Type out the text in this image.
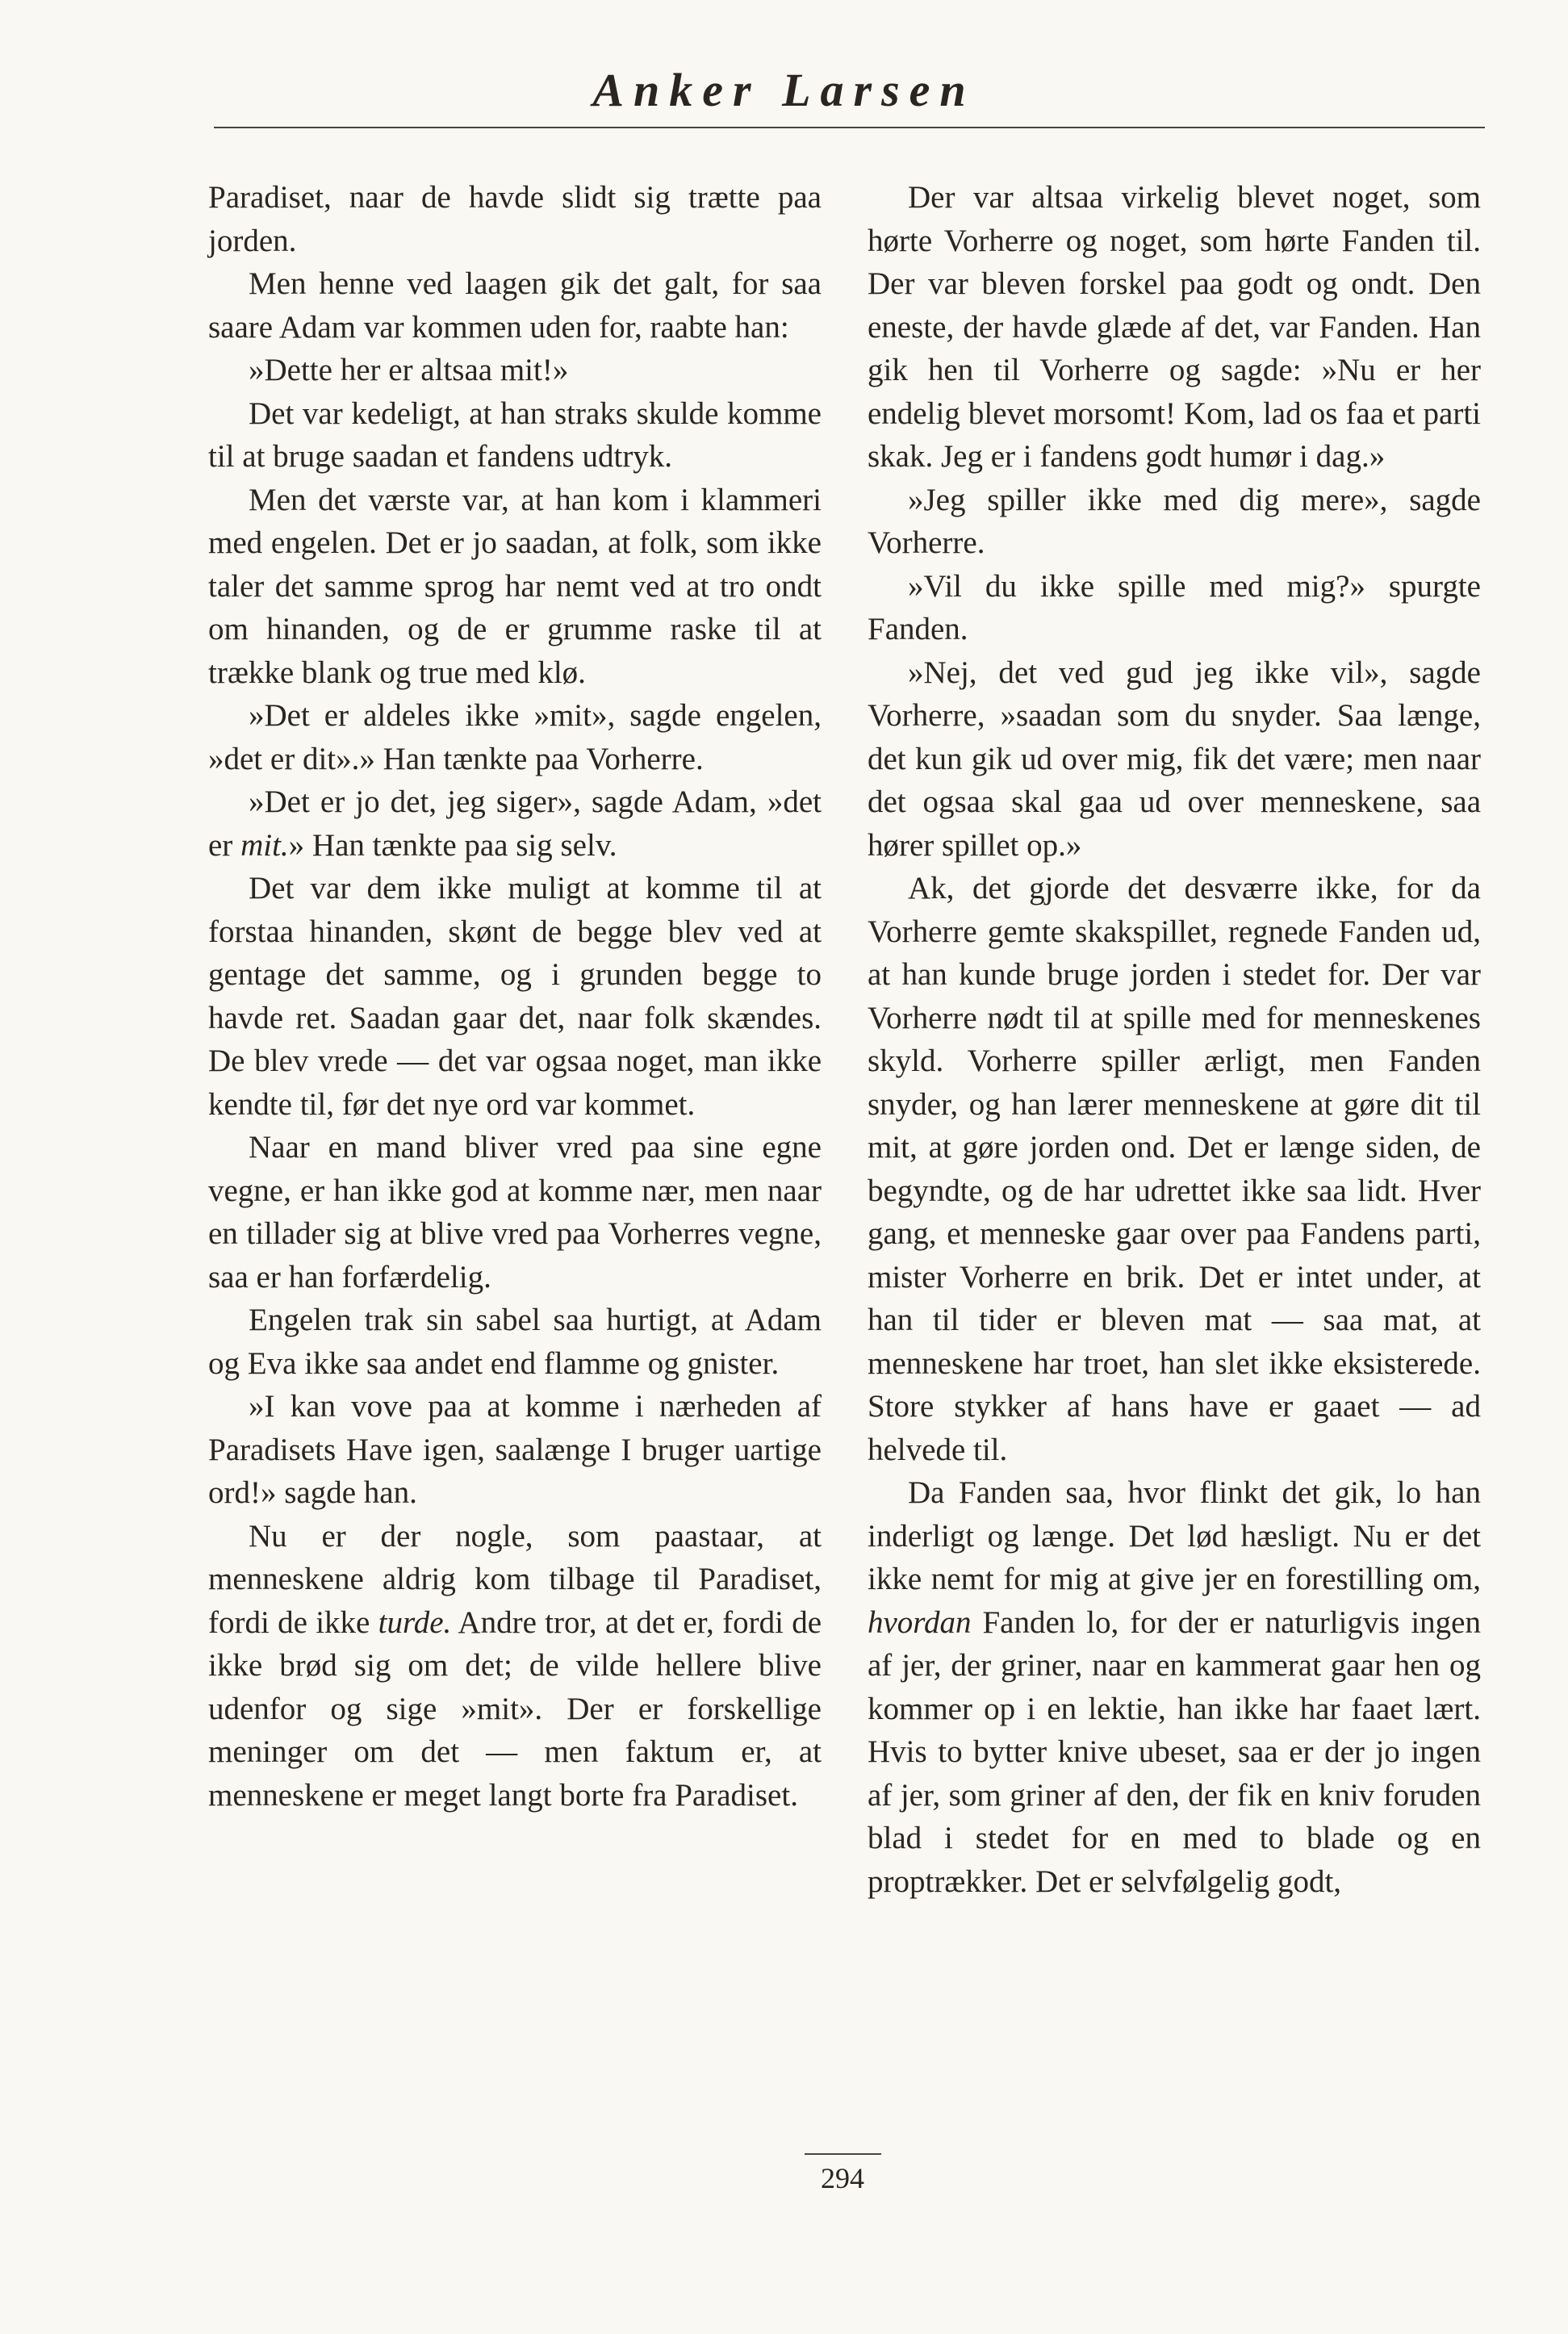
Anker Larsen

Paradiset, naar de havde slidt sig trætte paa jorden.

Men henne ved laagen gik det galt, for saa saare Adam var kommen uden for, raabte han:

»Dette her er altsaa mit!»

Det var kedeligt, at han straks skulde komme til at bruge saadan et fandens udtryk.

Men det værste var, at han kom i klammeri med engelen. Det er jo saadan, at folk, som ikke taler det samme sprog har nemt ved at tro ondt om hinanden, og de er grumme raske til at trække blank og true med klø.

»Det er aldeles ikke »mit», sagde engelen, »det er dit».» Han tænkte paa Vorherre.

»Det er jo det, jeg siger», sagde Adam, »det er mit.» Han tænkte paa sig selv.

Det var dem ikke muligt at komme til at forstaa hinanden, skønt de begge blev ved at gentage det samme, og i grunden begge to havde ret. Saadan gaar det, naar folk skændes. De blev vrede — det var ogsaa noget, man ikke kendte til, før det nye ord var kommet.

Naar en mand bliver vred paa sine egne vegne, er han ikke god at komme nær, men naar en tillader sig at blive vred paa Vorherres vegne, saa er han forfærdelig.

Engelen trak sin sabel saa hurtigt, at Adam og Eva ikke saa andet end flamme og gnister.

»I kan vove paa at komme i nærheden af Paradisets Have igen, saalænge I bruger uartige ord!» sagde han.

Nu er der nogle, som paastaar, at menneskene aldrig kom tilbage til Paradiset, fordi de ikke turde. Andre tror, at det er, fordi de ikke brød sig om det; de vilde hellere blive udenfor og sige »mit». Der er forskellige meninger om det — men faktum er, at menneskene er meget langt borte fra Paradiset.

Der var altsaa virkelig blevet noget, som hørte Vorherre og noget, som hørte Fanden til. Der var bleven forskel paa godt og ondt. Den eneste, der havde glæde af det, var Fanden. Han gik hen til Vorherre og sagde: »Nu er her endelig blevet morsomt! Kom, lad os faa et parti skak. Jeg er i fandens godt humør i dag.»

»Jeg spiller ikke med dig mere», sagde Vorherre.

»Vil du ikke spille med mig?» spurgte Fanden.

»Nej, det ved gud jeg ikke vil», sagde Vorherre, »saadan som du snyder. Saa længe, det kun gik ud over mig, fik det være; men naar det ogsaa skal gaa ud over menneskene, saa hører spillet op.»

Ak, det gjorde det desværre ikke, for da Vorherre gemte skakspillet, regnede Fanden ud, at han kunde bruge jorden i stedet for. Der var Vorherre nødt til at spille med for menneskenes skyld. Vorherre spiller ærligt, men Fanden snyder, og han lærer menneskene at gøre dit til mit, at gøre jorden ond. Det er længe siden, de begyndte, og de har udrettet ikke saa lidt. Hver gang, et menneske gaar over paa Fandens parti, mister Vorherre en brik. Det er intet under, at han til tider er bleven mat — saa mat, at menneskene har troet, han slet ikke eksisterede. Store stykker af hans have er gaaet — ad helvede til.

Da Fanden saa, hvor flinkt det gik, lo han inderligt og længe. Det lød hæsligt. Nu er det ikke nemt for mig at give jer en forestilling om, hvordan Fanden lo, for der er naturligvis ingen af jer, der griner, naar en kammerat gaar hen og kommer op i en lektie, han ikke har faaet lært. Hvis to bytter knive ubeset, saa er der jo ingen af jer, som griner af den, der fik en kniv foruden blad i stedet for en med to blade og en proptrækker. Det er selvfølgelig godt,

294
